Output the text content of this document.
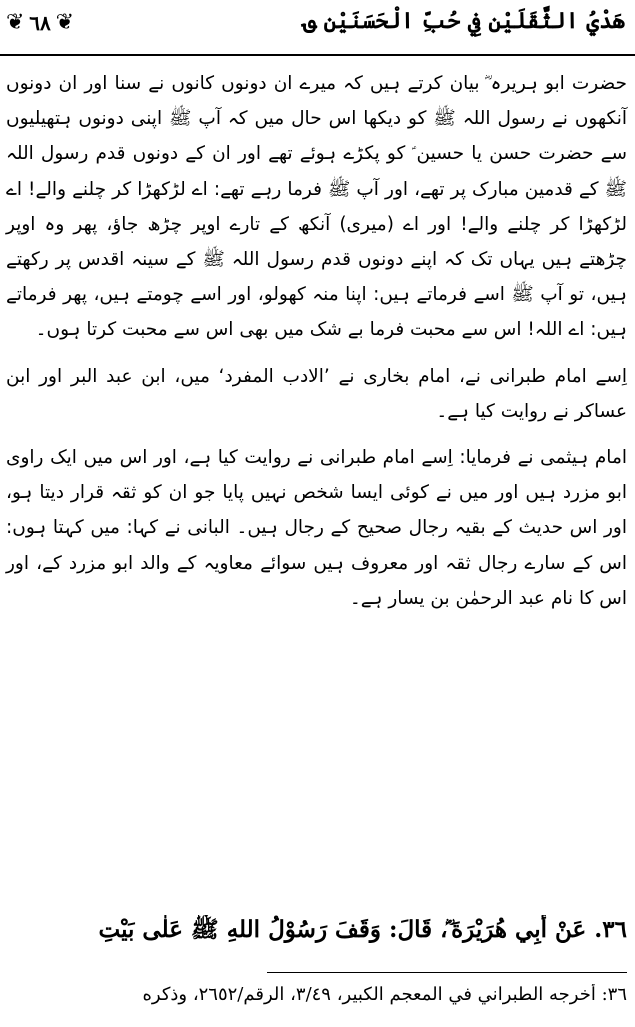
هَدْيُ الثَّقَلَيْن فِي حُبِّ الْحَسَنَيْن ؈
❦ ٦٨ ❦

حضرت ابو ہریرہ ؓ بیان کرتے ہیں کہ میرے ان دونوں کانوں نے سنا اور ان دونوں آنکھوں نے رسول اللہ ﷺ کو دیکھا اس حال میں کہ آپ ﷺ اپنی دونوں ہتھیلیوں سے حضرت حسن یا حسین ؑ کو پکڑے ہوئے تھے اور ان کے دونوں قدم رسول اللہ ﷺ کے قدمین مبارک پر تھے، اور آپ ﷺ فرما رہے تھے: اے لڑکھڑا کر چلنے والے! اے لڑکھڑا کر چلنے والے! اور اے (میری) آنکھ کے تارے اوپر چڑھ جاؤ، پھر وہ اوپر چڑھتے ہیں یہاں تک کہ اپنے دونوں قدم رسول اللہ ﷺ کے سینہ اقدس پر رکھتے ہیں، تو آپ ﷺ اسے فرماتے ہیں: اپنا منہ کھولو، اور اسے چومتے ہیں، پھر فرماتے ہیں: اے اللہ! اس سے محبت فرما بے شک میں بھی اس سے محبت کرتا ہوں۔

اِسے امام طبرانی نے، امام بخاری نے ’الادب المفرد‘ میں، ابن عبد البر اور ابن عساکر نے روایت کیا ہے۔

امام ہیثمی نے فرمایا: اِسے امام طبرانی نے روایت کیا ہے، اور اس میں ایک راوی ابو مزرد ہیں اور میں نے کوئی ایسا شخص نہیں پایا جو ان کو ثقہ قرار دیتا ہو، اور اس حدیث کے بقیہ رجال صحیح کے رجال ہیں۔ البانی نے کہا: میں کہتا ہوں: اس کے سارے رجال ثقہ اور معروف ہیں سوائے معاویہ کے والد ابو مزرد کے، اور اس کا نام عبد الرحمٰن بن یسار ہے۔

٣٦. عَنْ أَبِي هُرَيْرَةَ ؓ، قَالَ: وَقَفَ رَسُوْلُ اللهِ ﷺ عَلٰى بَيْتِ
٣٦: أخرجه الطبراني في المعجم الكبير، ٣/٤٩، الرقم/٢٦٥٢، وذكره
